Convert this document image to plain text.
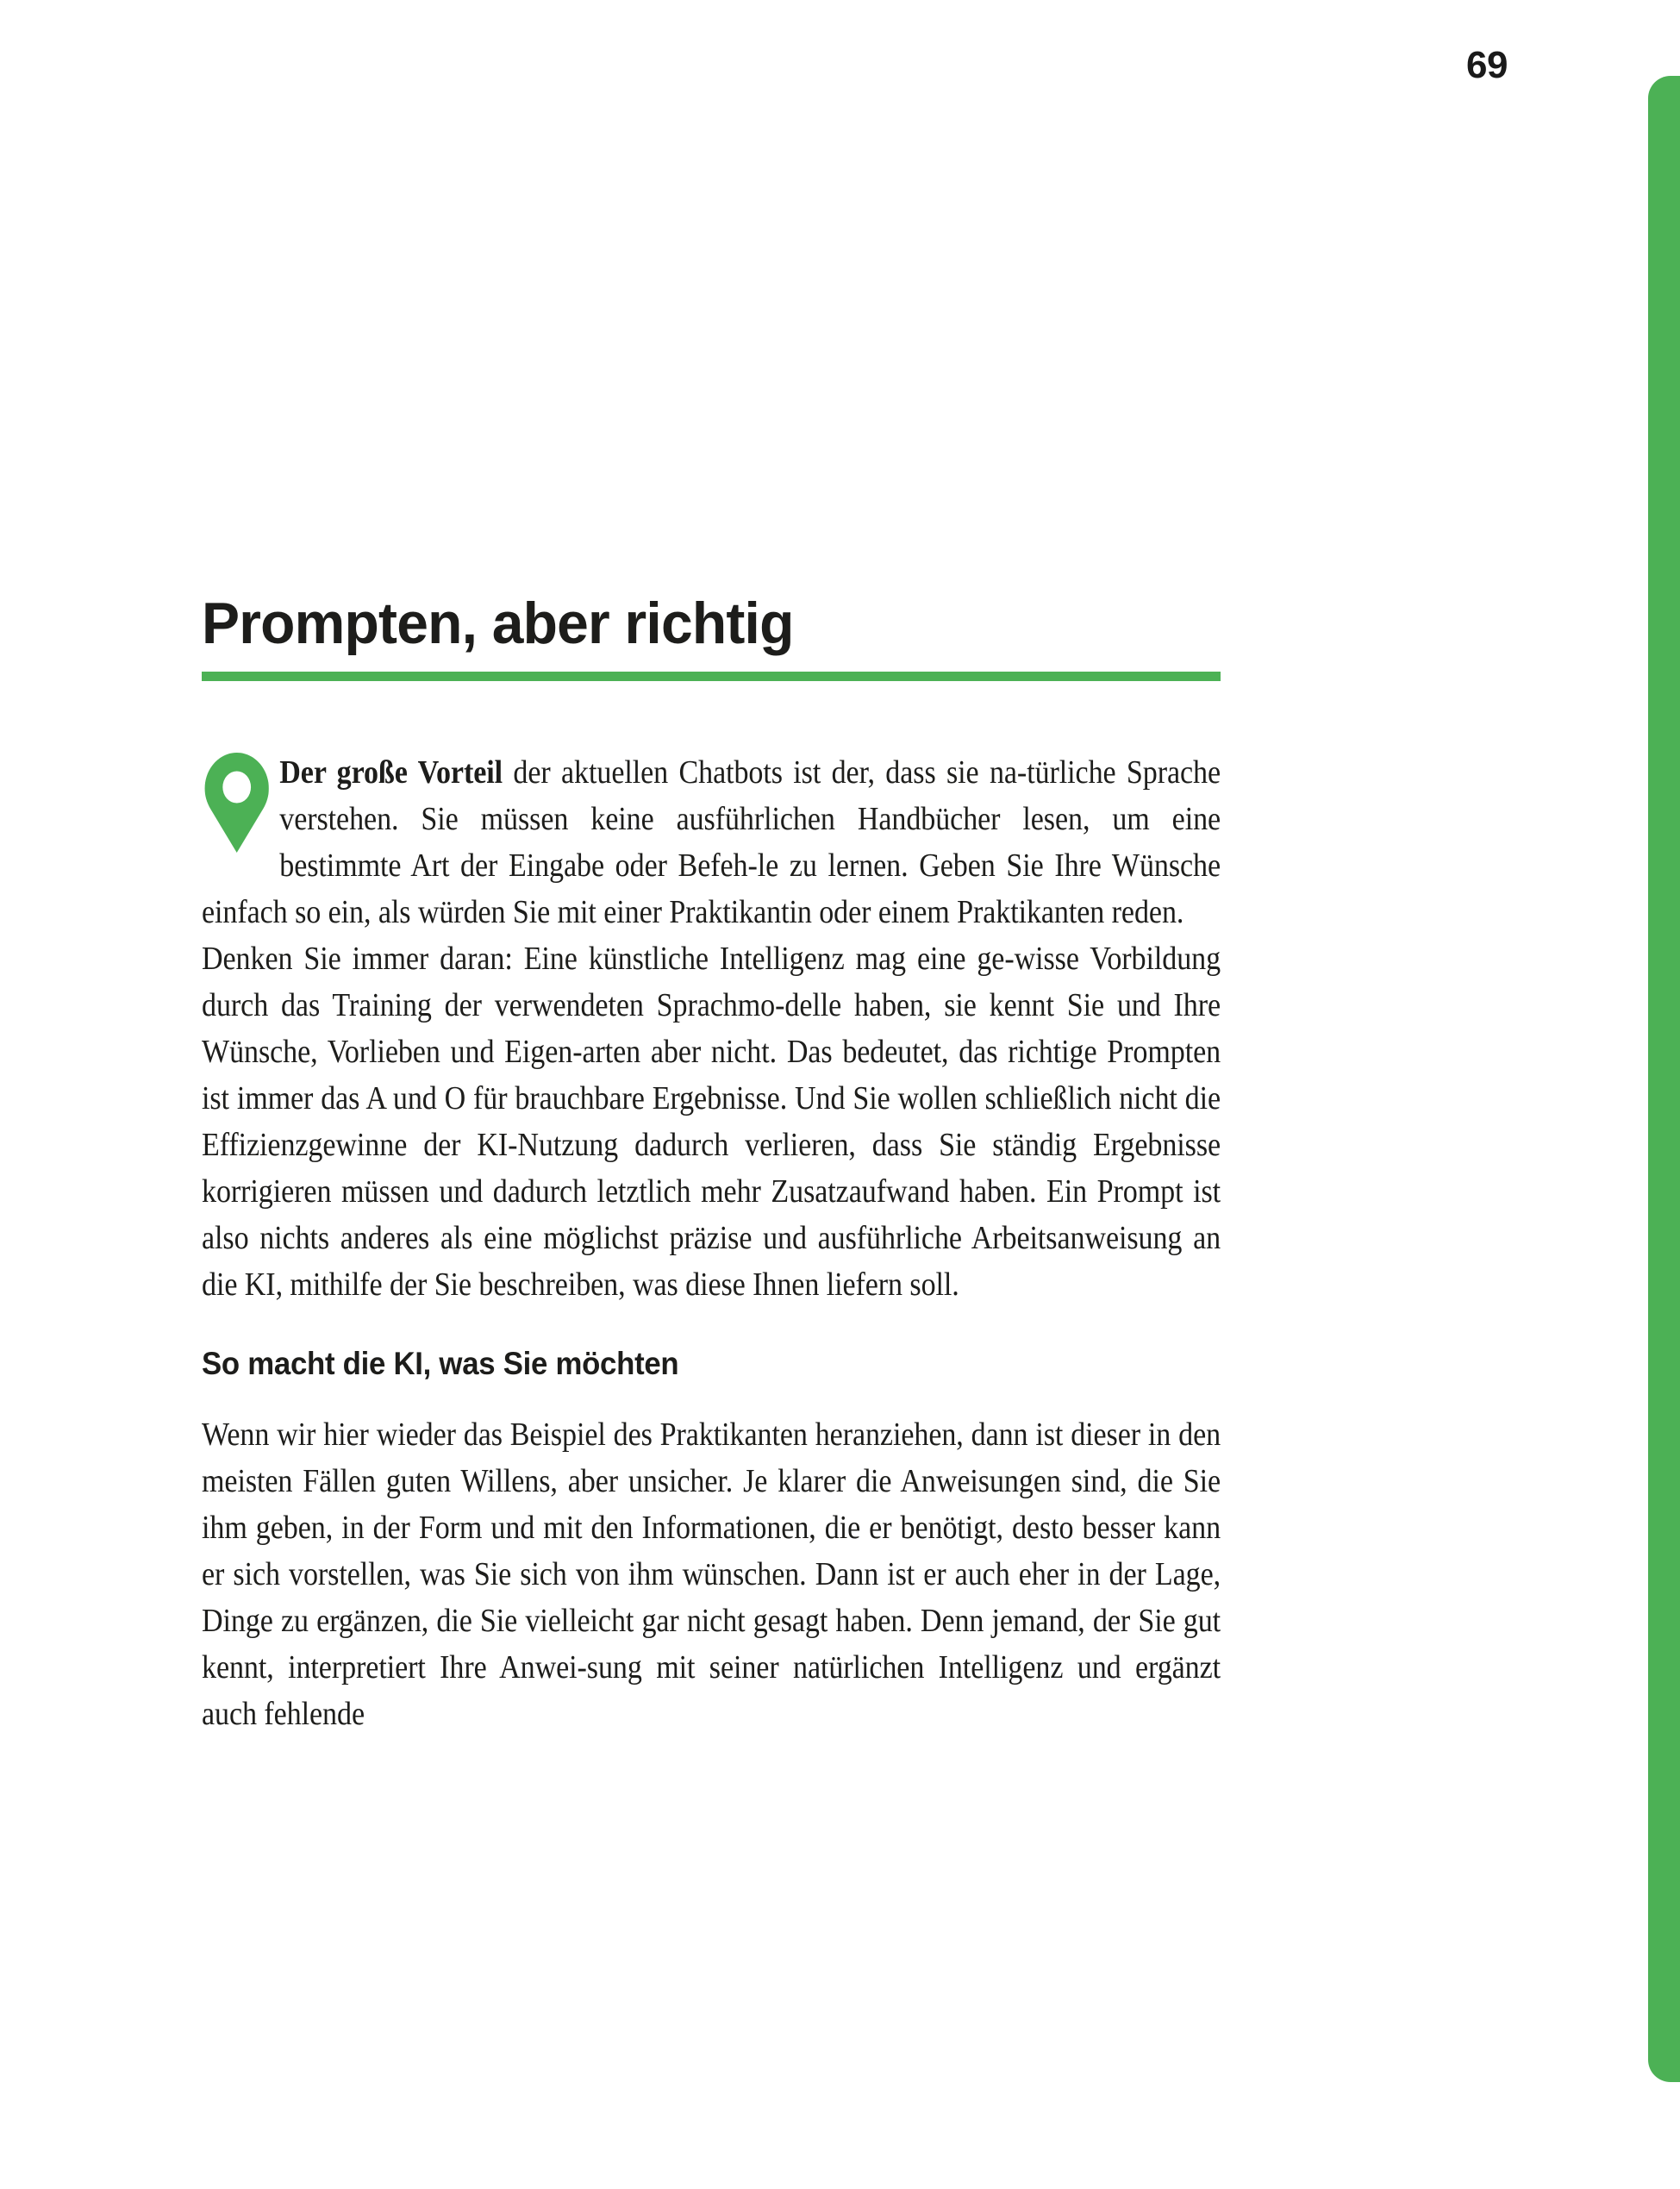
69
Prompten, aber richtig

Der große Vorteil der aktuellen Chatbots ist der, dass sie na-türliche Sprache verstehen. Sie müssen keine ausführlichen Handbücher lesen, um eine bestimmte Art der Eingabe oder Befeh-le zu lernen. Geben Sie Ihre Wünsche einfach so ein, als würden Sie mit einer Praktikantin oder einem Praktikanten reden.

Denken Sie immer daran: Eine künstliche Intelligenz mag eine ge-wisse Vorbildung durch das Training der verwendeten Sprachmo-delle haben, sie kennt Sie und Ihre Wünsche, Vorlieben und Eigen-arten aber nicht. Das bedeutet, das richtige Prompten ist immer das A und O für brauchbare Ergebnisse. Und Sie wollen schließlich nicht die Effizienzgewinne der KI-Nutzung dadurch verlieren, dass Sie ständig Ergebnisse korrigieren müssen und dadurch letztlich mehr Zusatzaufwand haben. Ein Prompt ist also nichts anderes als eine möglichst präzise und ausführliche Arbeitsanweisung an die KI, mithilfe der Sie beschreiben, was diese Ihnen liefern soll.

So macht die KI, was Sie möchten

Wenn wir hier wieder das Beispiel des Praktikanten heranziehen, dann ist dieser in den meisten Fällen guten Willens, aber unsicher. Je klarer die Anweisungen sind, die Sie ihm geben, in der Form und mit den Informationen, die er benötigt, desto besser kann er sich vorstellen, was Sie sich von ihm wünschen. Dann ist er auch eher in der Lage, Dinge zu ergänzen, die Sie vielleicht gar nicht gesagt haben. Denn jemand, der Sie gut kennt, interpretiert Ihre Anwei-sung mit seiner natürlichen Intelligenz und ergänzt auch fehlende
